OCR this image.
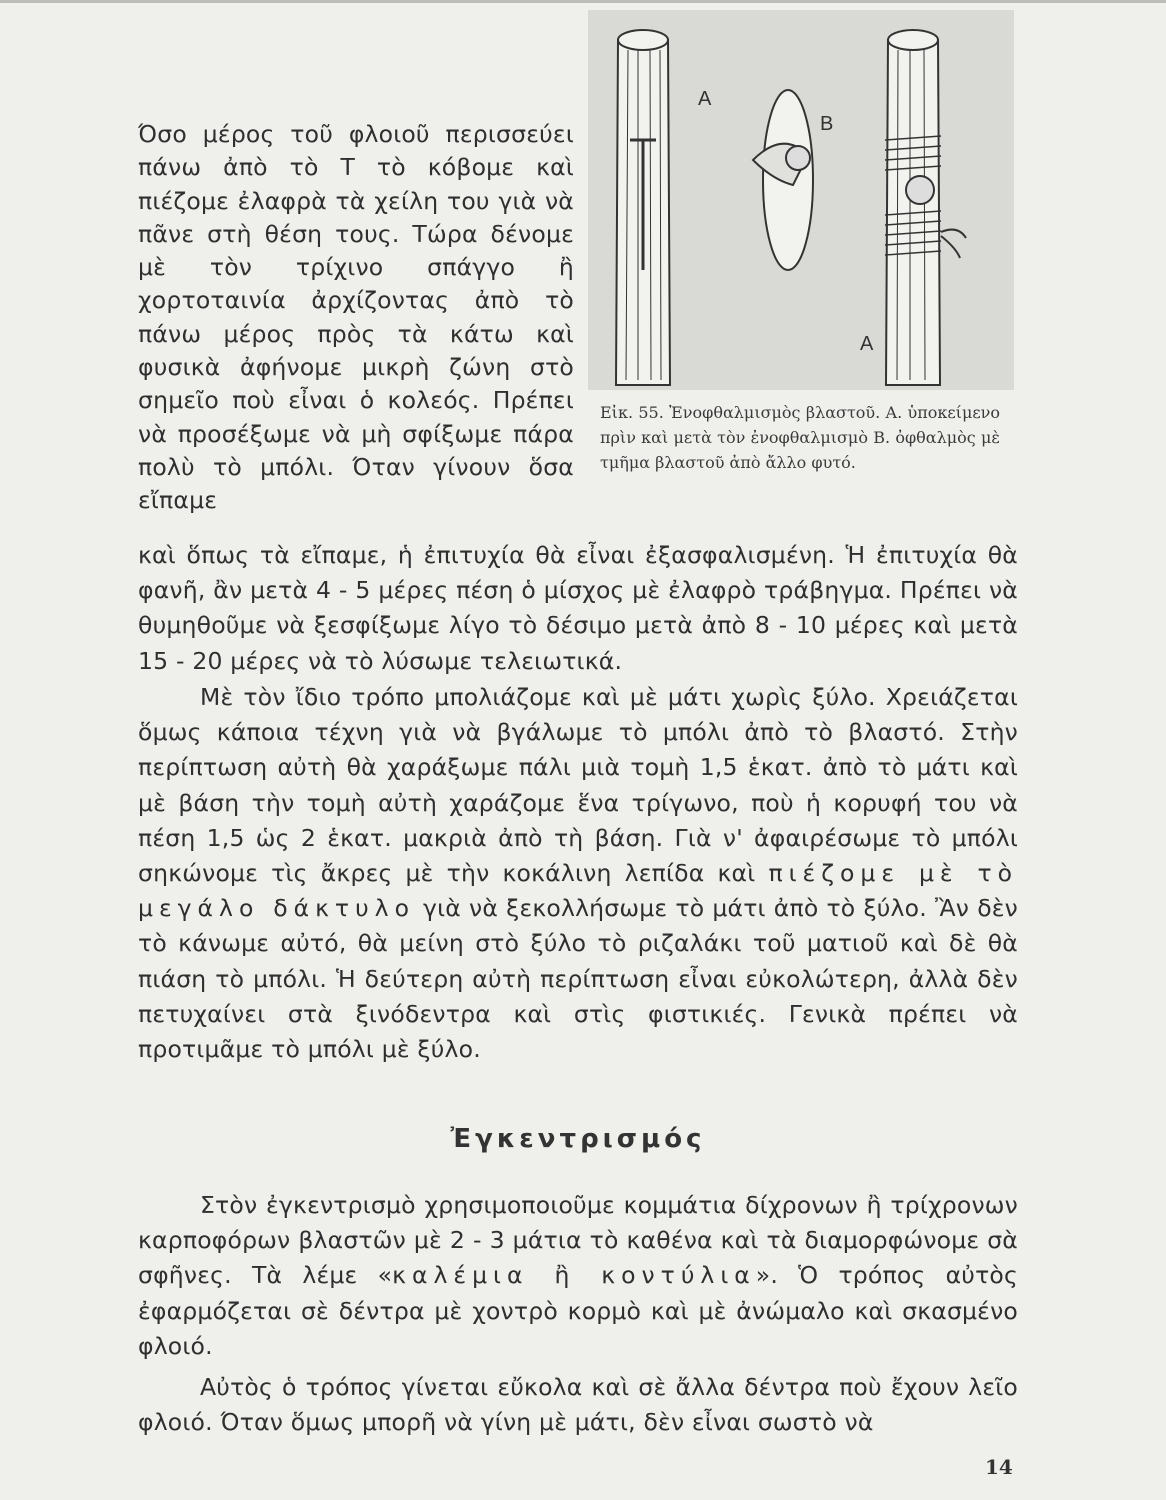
Όσο μέρος τοῦ φλοιοῦ περισσεύει πάνω ἀπὸ τὸ Τ τὸ κόβομε καὶ πιέζομε ἐλαφρὰ τὰ χείλη του γιὰ νὰ πᾶνε στὴ θέση τους. Τώρα δένομε μὲ τὸν τρίχινο σπάγγο ἢ χορτοταινία ἀρχίζοντας ἀπὸ τὸ πάνω μέρος πρὸς τὰ κάτω καὶ φυσικὰ ἀφήνομε μικρὴ ζώνη στὸ σημεῖο ποὺ εἶναι ὁ κολεός. Πρέπει νὰ προσέξωμε νὰ μὴ σφίξωμε πάρα πολὺ τὸ μπόλι. Όταν γίνουν ὅσα εἴπαμε

A
B
A

Εἰκ. 55. Ἐνοφθαλμισμὸς βλαστοῦ. Α. ὑποκείμενο πρὶν καὶ μετὰ τὸν ἐνοφθαλμισμὸ Β. ὀφθαλμὸς μὲ τμῆμα βλαστοῦ ἀπὸ ἄλλο φυτό.

καὶ ὅπως τὰ εἴπαμε, ἡ ἐπιτυχία θὰ εἶναι ἐξασφαλισμένη. Ἡ ἐπιτυχία θὰ φανῆ, ἂν μετὰ 4 - 5 μέρες πέση ὁ μίσχος μὲ ἐλαφρὸ τράβηγμα. Πρέπει νὰ θυμηθοῦμε νὰ ξεσφίξωμε λίγο τὸ δέσιμο μετὰ ἀπὸ 8 - 10 μέρες καὶ μετὰ 15 - 20 μέρες νὰ τὸ λύσωμε τελειωτικά.

Μὲ τὸν ἴδιο τρόπο μπολιάζομε καὶ μὲ μάτι χωρὶς ξύλο. Χρειάζεται ὅμως κάποια τέχνη γιὰ νὰ βγάλωμε τὸ μπόλι ἀπὸ τὸ βλαστό. Στὴν περίπτωση αὐτὴ θὰ χαράξωμε πάλι μιὰ τομὴ 1,5 ἑκατ. ἀπὸ τὸ μάτι καὶ μὲ βάση τὴν τομὴ αὐτὴ χαράζομε ἕνα τρίγωνο, ποὺ ἡ κορυφή του νὰ πέση 1,5 ὡς 2 ἑκατ. μακριὰ ἀπὸ τὴ βάση. Γιὰ ν' ἀφαιρέσωμε τὸ μπόλι σηκώνομε τὶς ἄκρες μὲ τὴν κοκάλινη λεπίδα καὶ πιέζομε μὲ τὸ μεγάλο δάκτυλο γιὰ νὰ ξεκολλήσωμε τὸ μάτι ἀπὸ τὸ ξύλο. Ἂν δὲν τὸ κάνωμε αὐτό, θὰ μείνη στὸ ξύλο τὸ ριζαλάκι τοῦ ματιοῦ καὶ δὲ θὰ πιάση τὸ μπόλι. Ἡ δεύτερη αὐτὴ περίπτωση εἶναι εὐκολώτερη, ἀλλὰ δὲν πετυχαίνει στὰ ξινόδεντρα καὶ στὶς φιστικιές. Γενικὰ πρέπει νὰ προτιμᾶμε τὸ μπόλι μὲ ξύλο.

Ἐγκεντρισμός

Στὸν ἐγκεντρισμὸ χρησιμοποιοῦμε κομμάτια δίχρονων ἢ τρίχρονων καρποφόρων βλαστῶν μὲ 2 - 3 μάτια τὸ καθένα καὶ τὰ διαμορφώνομε σὰ σφῆνες. Τὰ λέμε «καλέμια ἢ κοντύλια». Ὁ τρόπος αὐτὸς ἐφαρμόζεται σὲ δέντρα μὲ χοντρὸ κορμὸ καὶ μὲ ἀνώμαλο καὶ σκασμένο φλοιό.

Αὐτὸς ὁ τρόπος γίνεται εὔκολα καὶ σὲ ἄλλα δέντρα ποὺ ἔχουν λεῖο φλοιό. Όταν ὅμως μπορῆ νὰ γίνη μὲ μάτι, δὲν εἶναι σωστὸ νὰ

14
